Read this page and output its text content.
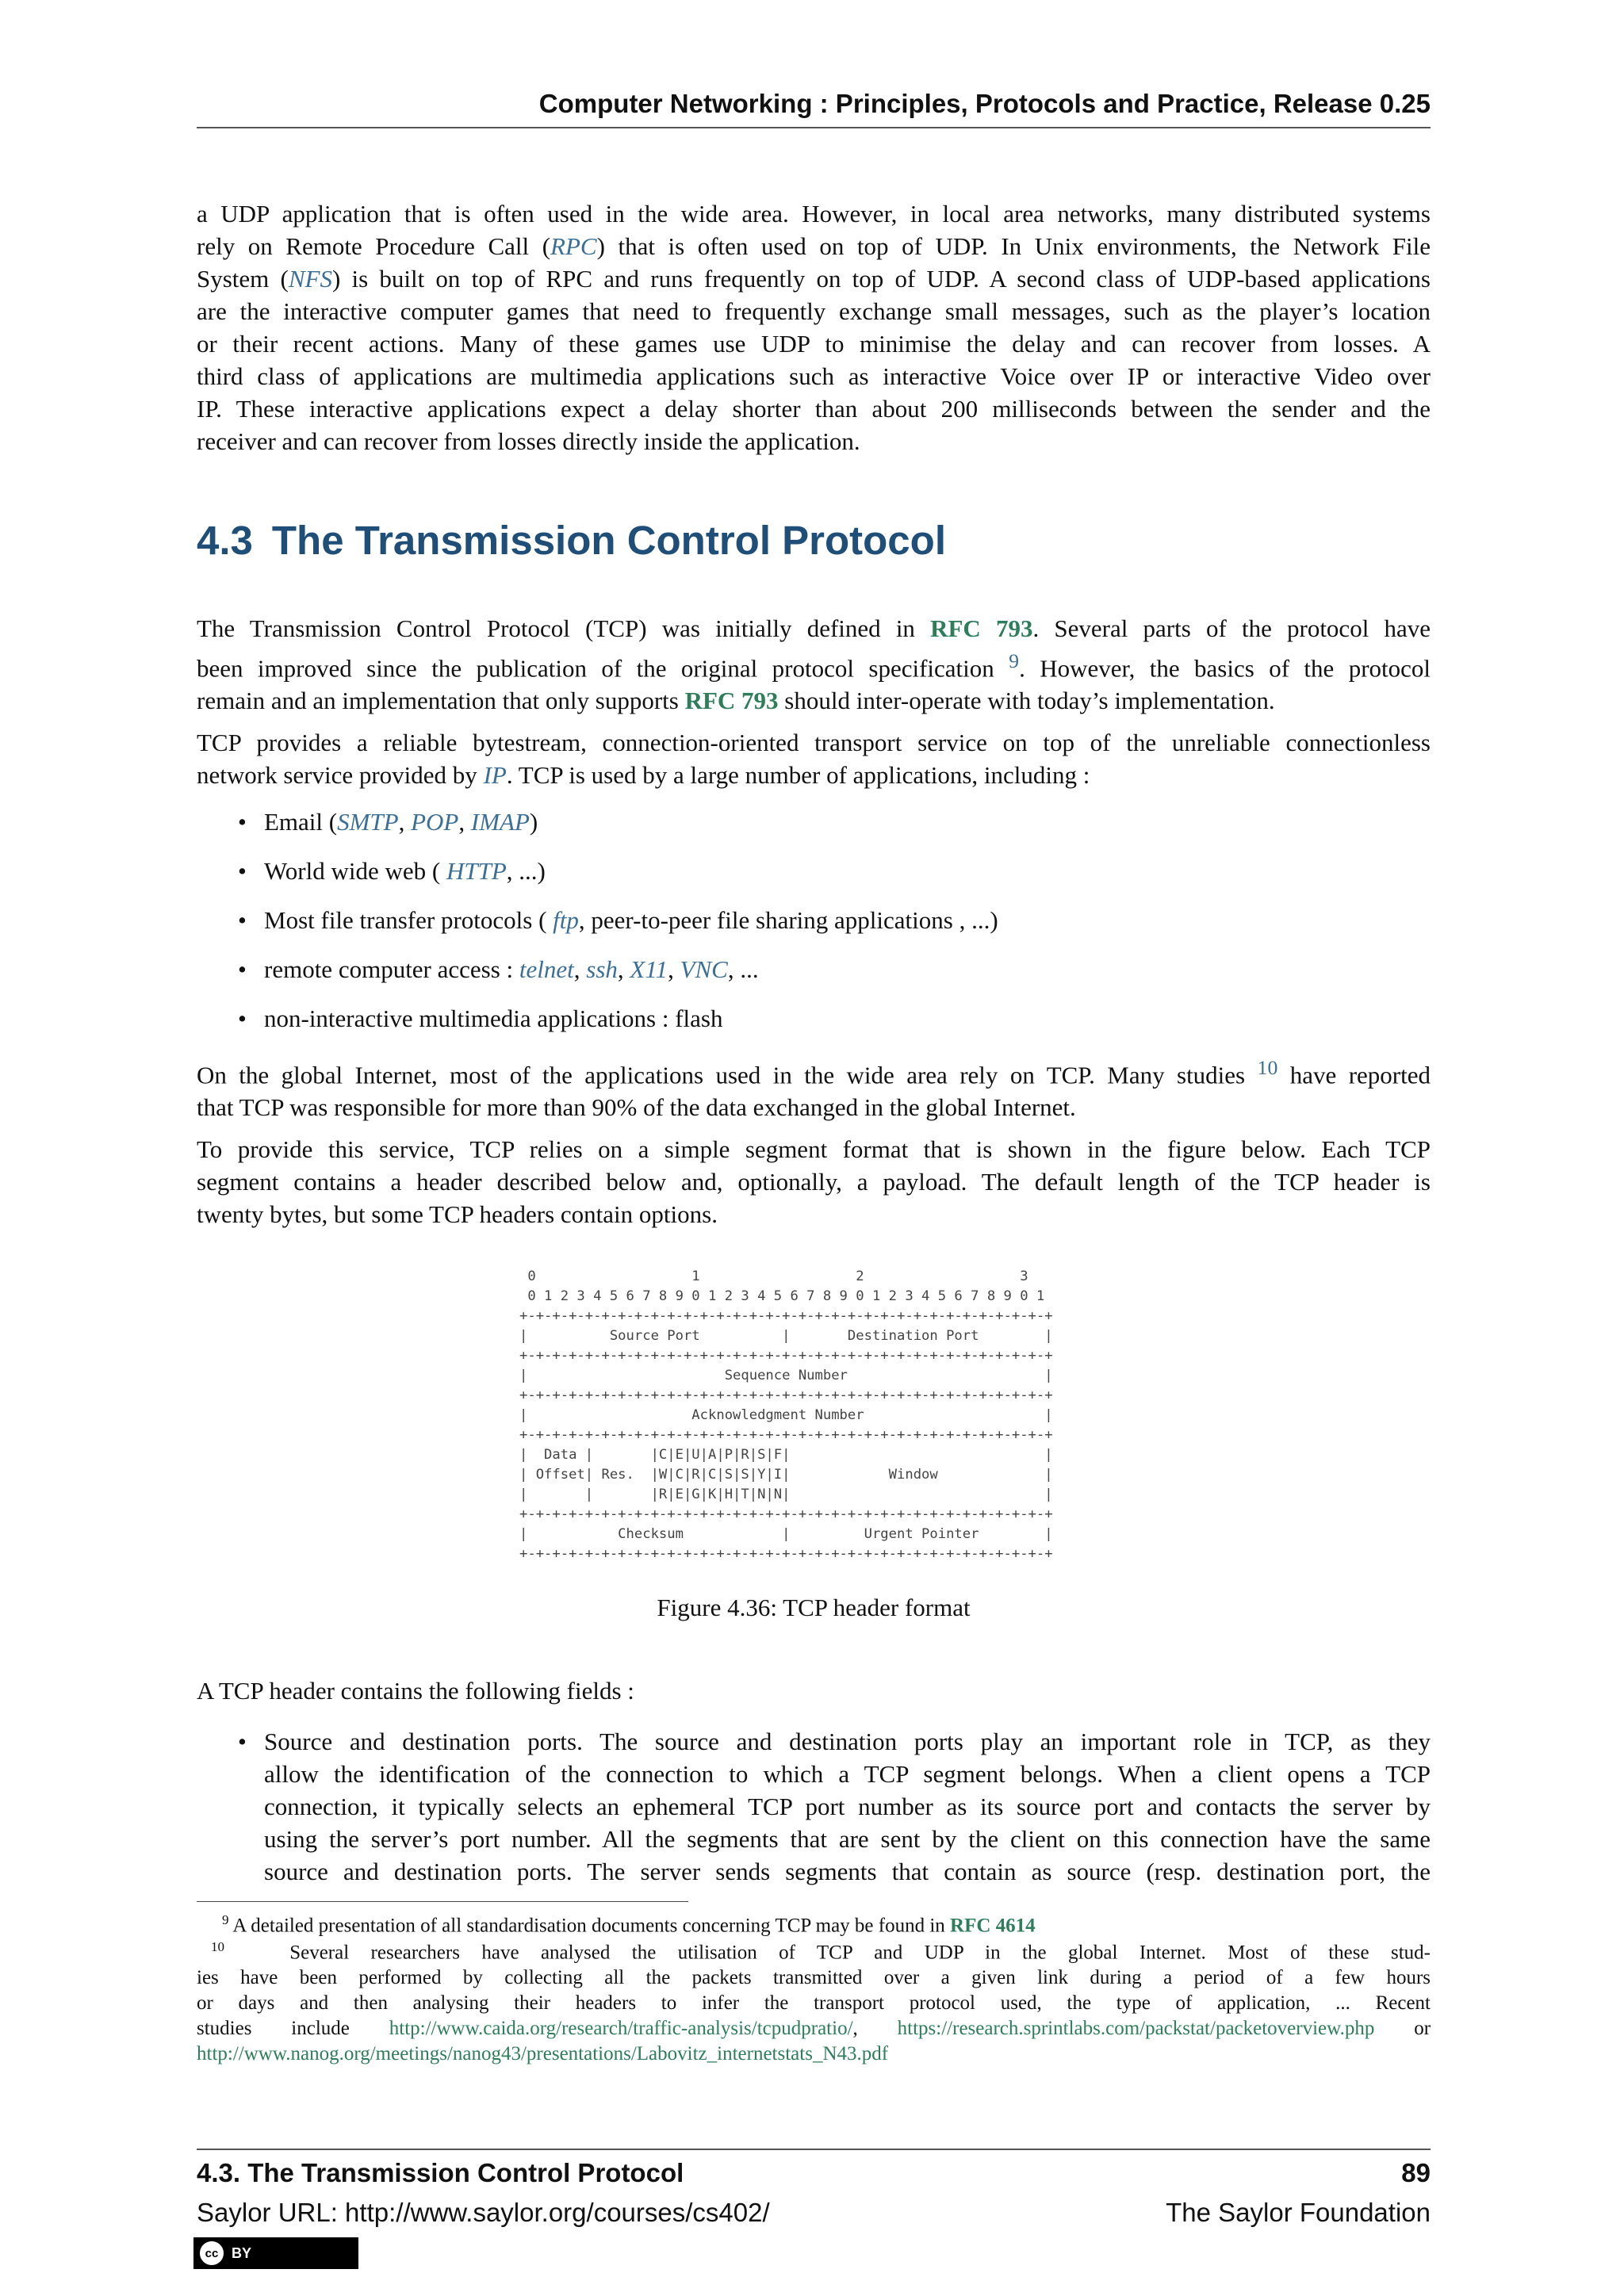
Computer Networking : Principles, Protocols and Practice, Release 0.25

a UDP application that is often used in the wide area. However, in local area networks, many distributed systems
rely on Remote Procedure Call (RPC) that is often used on top of UDP. In Unix environments, the Network File
System (NFS) is built on top of RPC and runs frequently on top of UDP. A second class of UDP-based applications
are the interactive computer games that need to frequently exchange small messages, such as the player’s location
or their recent actions. Many of these games use UDP to minimise the delay and can recover from losses. A
third class of applications are multimedia applications such as interactive Voice over IP or interactive Video over
IP. These interactive applications expect a delay shorter than about 200 milliseconds between the sender and the
receiver and can recover from losses directly inside the application.

4.3 The Transmission Control Protocol

The Transmission Control Protocol (TCP) was initially defined in RFC 793. Several parts of the protocol have
been improved since the publication of the original protocol specification $^9$. However, the basics of the protocol
remain and an implementation that only supports RFC 793 should inter-operate with today’s implementation.

TCP provides a reliable bytestream, connection-oriented transport service on top of the unreliable connectionless
network service provided by IP. TCP is used by a large number of applications, including :

• Email (SMTP, POP, IMAP)
• World wide web ( HTTP, ...)
• Most file transfer protocols ( ftp, peer-to-peer file sharing applications , ...)
• remote computer access : telnet, ssh, X11, VNC, ...
• non-interactive multimedia applications : flash

On the global Internet, most of the applications used in the wide area rely on TCP. Many studies $^{10}$ have reported
that TCP was responsible for more than 90% of the data exchanged in the global Internet.

To provide this service, TCP relies on a simple segment format that is shown in the figure below. Each TCP
segment contains a header described below and, optionally, a payload. The default length of the TCP header is
twenty bytes, but some TCP headers contain options.

0                   1                   2                   3
0 1 2 3 4 5 6 7 8 9 0 1 2 3 4 5 6 7 8 9 0 1 2 3 4 5 6 7 8 9 0 1
+-+-+-+-+-+-+-+-+-+-+-+-+-+-+-+-+-+-+-+-+-+-+-+-+-+-+-+-+-+-+-+-+
|          Source Port          |       Destination Port        |
+-+-+-+-+-+-+-+-+-+-+-+-+-+-+-+-+-+-+-+-+-+-+-+-+-+-+-+-+-+-+-+-+
|                        Sequence Number                        |
+-+-+-+-+-+-+-+-+-+-+-+-+-+-+-+-+-+-+-+-+-+-+-+-+-+-+-+-+-+-+-+-+
|                    Acknowledgment Number                      |
+-+-+-+-+-+-+-+-+-+-+-+-+-+-+-+-+-+-+-+-+-+-+-+-+-+-+-+-+-+-+-+-+
|  Data |       |C|E|U|A|P|R|S|F|                               |
| Offset| Res.  |W|C|R|C|S|S|Y|I|            Window             |
|       |       |R|E|G|K|H|T|N|N|                               |
+-+-+-+-+-+-+-+-+-+-+-+-+-+-+-+-+-+-+-+-+-+-+-+-+-+-+-+-+-+-+-+-+
|           Checksum            |         Urgent Pointer        |
+-+-+-+-+-+-+-+-+-+-+-+-+-+-+-+-+-+-+-+-+-+-+-+-+-+-+-+-+-+-+-+-+
Figure 4.36: TCP header format

A TCP header contains the following fields :

• Source and destination ports. The source and destination ports play an important role in TCP, as they
allow the identification of the connection to which a TCP segment belongs. When a client opens a TCP
connection, it typically selects an ephemeral TCP port number as its source port and contacts the server by
using the server’s port number. All the segments that are sent by the client on this connection have the same
source and destination ports. The server sends segments that contain as source (resp. destination port, the
$^9$ A detailed presentation of all standardisation documents concerning TCP may be found in RFC 4614
$^{10}$	Several researchers have analysed the utilisation of TCP and UDP in the global Internet. Most of these stud-
ies have been performed by collecting all the packets transmitted over a given link during a period of a few hours
or days and then analysing their headers to infer the transport protocol used, the type of application, ... Recent
studies include http://www.caida.org/research/traffic-analysis/tcpudpratio/, https://research.sprintlabs.com/packstat/packetoverview.php or
http://www.nanog.org/meetings/nanog43/presentations/Labovitz_internetstats_N43.pdf
4.3. The Transmission Control Protocol	89
Saylor URL: http://www.saylor.org/courses/cs402/	The Saylor Foundation
cc BY
